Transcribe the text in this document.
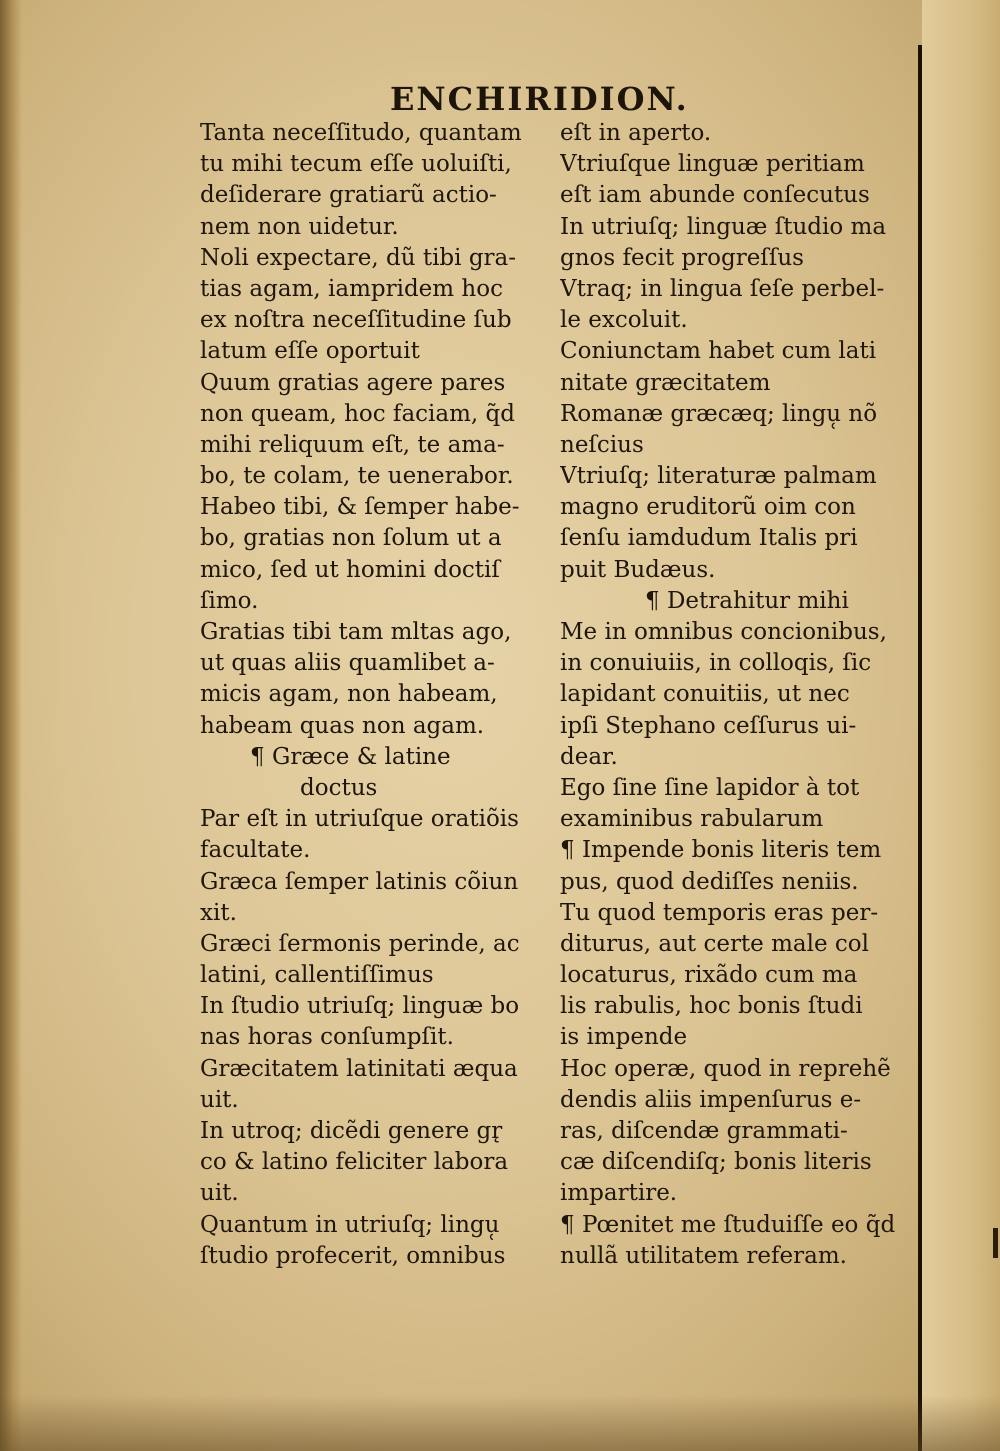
ENCHIRIDION.
Tanta neceſſitudo, quantam
tu mihi tecum eſſe uoluiſti,
deſiderare gratiarũ actio-
nem non uidetur.
Noli expectare, dũ tibi gra-
tias agam, iampridem hoc
ex noſtra neceſſitudine ſub
latum eſſe oportuit
Quum gratias agere pares
non queam, hoc faciam, q̃d
mihi reliquum eſt, te ama-
bo, te colam, te uenerabor.
Habeo tibi, & ſemper habe-
bo, gratias non ſolum ut a
mico, ſed ut homini doctiſ
ſimo.
Gratias tibi tam mltas ago,
ut quas aliis quamlibet a-
micis agam, non habeam,
habeam quas non agam.
¶ Græce & latine
doctus
Par eſt in utriuſque oratiõis
facultate.
Græca ſemper latinis cõiun
xit.
Græci ſermonis perinde, ac
latini, callentiſſimus
In ſtudio utriuſq; linguæ bo
nas horas conſumpſit.
Græcitatem latinitati æqua
uit.
In utroq; dicẽdi genere gr̨
co & latino feliciter labora
uit.
Quantum in utriuſq; lingu̜
ſtudio profecerit, omnibus
eſt in aperto.
Vtriuſque linguæ peritiam
eſt iam abunde conſecutus
In utriuſq; linguæ ſtudio ma
gnos fecit progreſſus
Vtraq; in lingua ſeſe perbel-
le excoluit.
Coniunctam habet cum lati
nitate græcitatem
Romanæ græcæq; lingu̜ nõ
neſcius
Vtriuſq; literaturæ palmam
magno eruditorũ oim con
ſenſu iamdudum Italis pri
puit Budæus.
¶ Detrahitur mihi
Me in omnibus concionibus,
in conuiuiis, in colloqis, ſic
lapidant conuitiis, ut nec
ipſi Stephano ceſſurus ui-
dear.
Ego ſine ſine lapidor à tot
examinibus rabularum
¶ Impende bonis literis tem
pus, quod dediſſes neniis.
Tu quod temporis eras per-
diturus, aut certe male col
locaturus, rixãdo cum ma
lis rabulis, hoc bonis ſtudi
is impende
Hoc operæ, quod in reprehẽ
dendis aliis impenſurus e-
ras, diſcendæ grammati-
cæ diſcendiſq; bonis literis
impartire.
¶ Pœnitet me ſtuduiſſe eo q̃d
nullã utilitatem referam.
